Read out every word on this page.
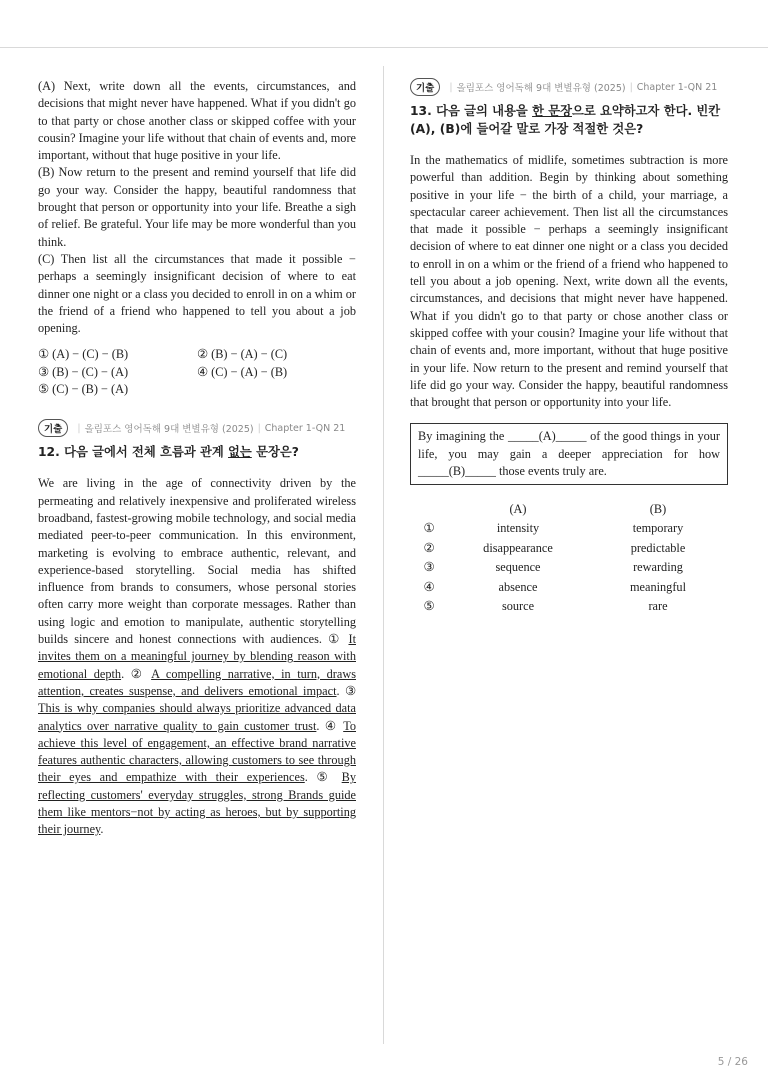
(A) Next, write down all the events, circumstances, and decisions that might never have happened. What if you didn't go to that party or chose another class or skipped coffee with your cousin? Imagine your life without that chain of events and, more important, without that huge positive in your life.

(B) Now return to the present and remind yourself that life did go your way. Consider the happy, beautiful randomness that brought that person or opportunity into your life. Breathe a sigh of relief. Be grateful. Your life may be more wonderful than you think.

(C) Then list all the circumstances that made it possible − perhaps a seemingly insignificant decision of where to eat dinner one night or a class you decided to enroll in on a whim or the friend of a friend who happened to tell you about a job opening.

① (A) − (C) − (B)	② (B) − (A) − (C)
③ (B) − (C) − (A)	④ (C) − (A) − (B)
⑤ (C) − (B) − (A)
기출	| 올림포스 영어독해 9대 변별유형 (2025) | Chapter 1-QN 21
12. 다음 글에서 전체 흐름과 관계 없는 문장은?

We are living in the age of connectivity driven by the permeating and relatively inexpensive and proliferated wireless broadband, fastest-growing mobile technology, and social media mediated peer-to-peer communication. In this environment, marketing is evolving to embrace authentic, relevant, and experience-based storytelling. Social media has shifted influence from brands to consumers, whose personal stories often carry more weight than corporate messages. Rather than using logic and emotion to manipulate, authentic storytelling builds sincere and honest connections with audiences. ① It invites them on a meaningful journey by blending reason with emotional depth. ② A compelling narrative, in turn, draws attention, creates suspense, and delivers emotional impact. ③ This is why companies should always prioritize advanced data analytics over narrative quality to gain customer trust. ④ To achieve this level of engagement, an effective brand narrative features authentic characters, allowing customers to see through their eyes and empathize with their experiences. ⑤ By reflecting customers' everyday struggles, strong Brands guide them like mentors−not by acting as heroes, but by supporting their journey.

기출	| 올림포스 영어독해 9대 변별유형 (2025) | Chapter 1-QN 21
13. 다음 글의 내용을 한 문장으로 요약하고자 한다. 빈칸 (A), (B)에 들어갈 말로 가장 적절한 것은?

In the mathematics of midlife, sometimes subtraction is more powerful than addition. Begin by thinking about something positive in your life − the birth of a child, your marriage, a spectacular career achievement. Then list all the circumstances that made it possible − perhaps a seemingly insignificant decision of where to eat dinner one night or a class you decided to enroll in on a whim or the friend of a friend who happened to tell you about a job opening. Next, write down all the events, circumstances, and decisions that might never have happened. What if you didn't go to that party or chose another class or skipped coffee with your cousin? Imagine your life without that chain of events and, more important, without that huge positive in your life. Now return to the present and remind yourself that life did go your way. Consider the happy, beautiful randomness that brought that person or opportunity into your life.

By imagining the _____(A)_____ of the good things in your life, you may gain a deeper appreciation for how _____(B)_____ those events truly are.
	(A)	(B)
①	intensity	temporary
②	disappearance	predictable
③	sequence	rewarding
④	absence	meaningful
⑤	source	rare
5 / 26
